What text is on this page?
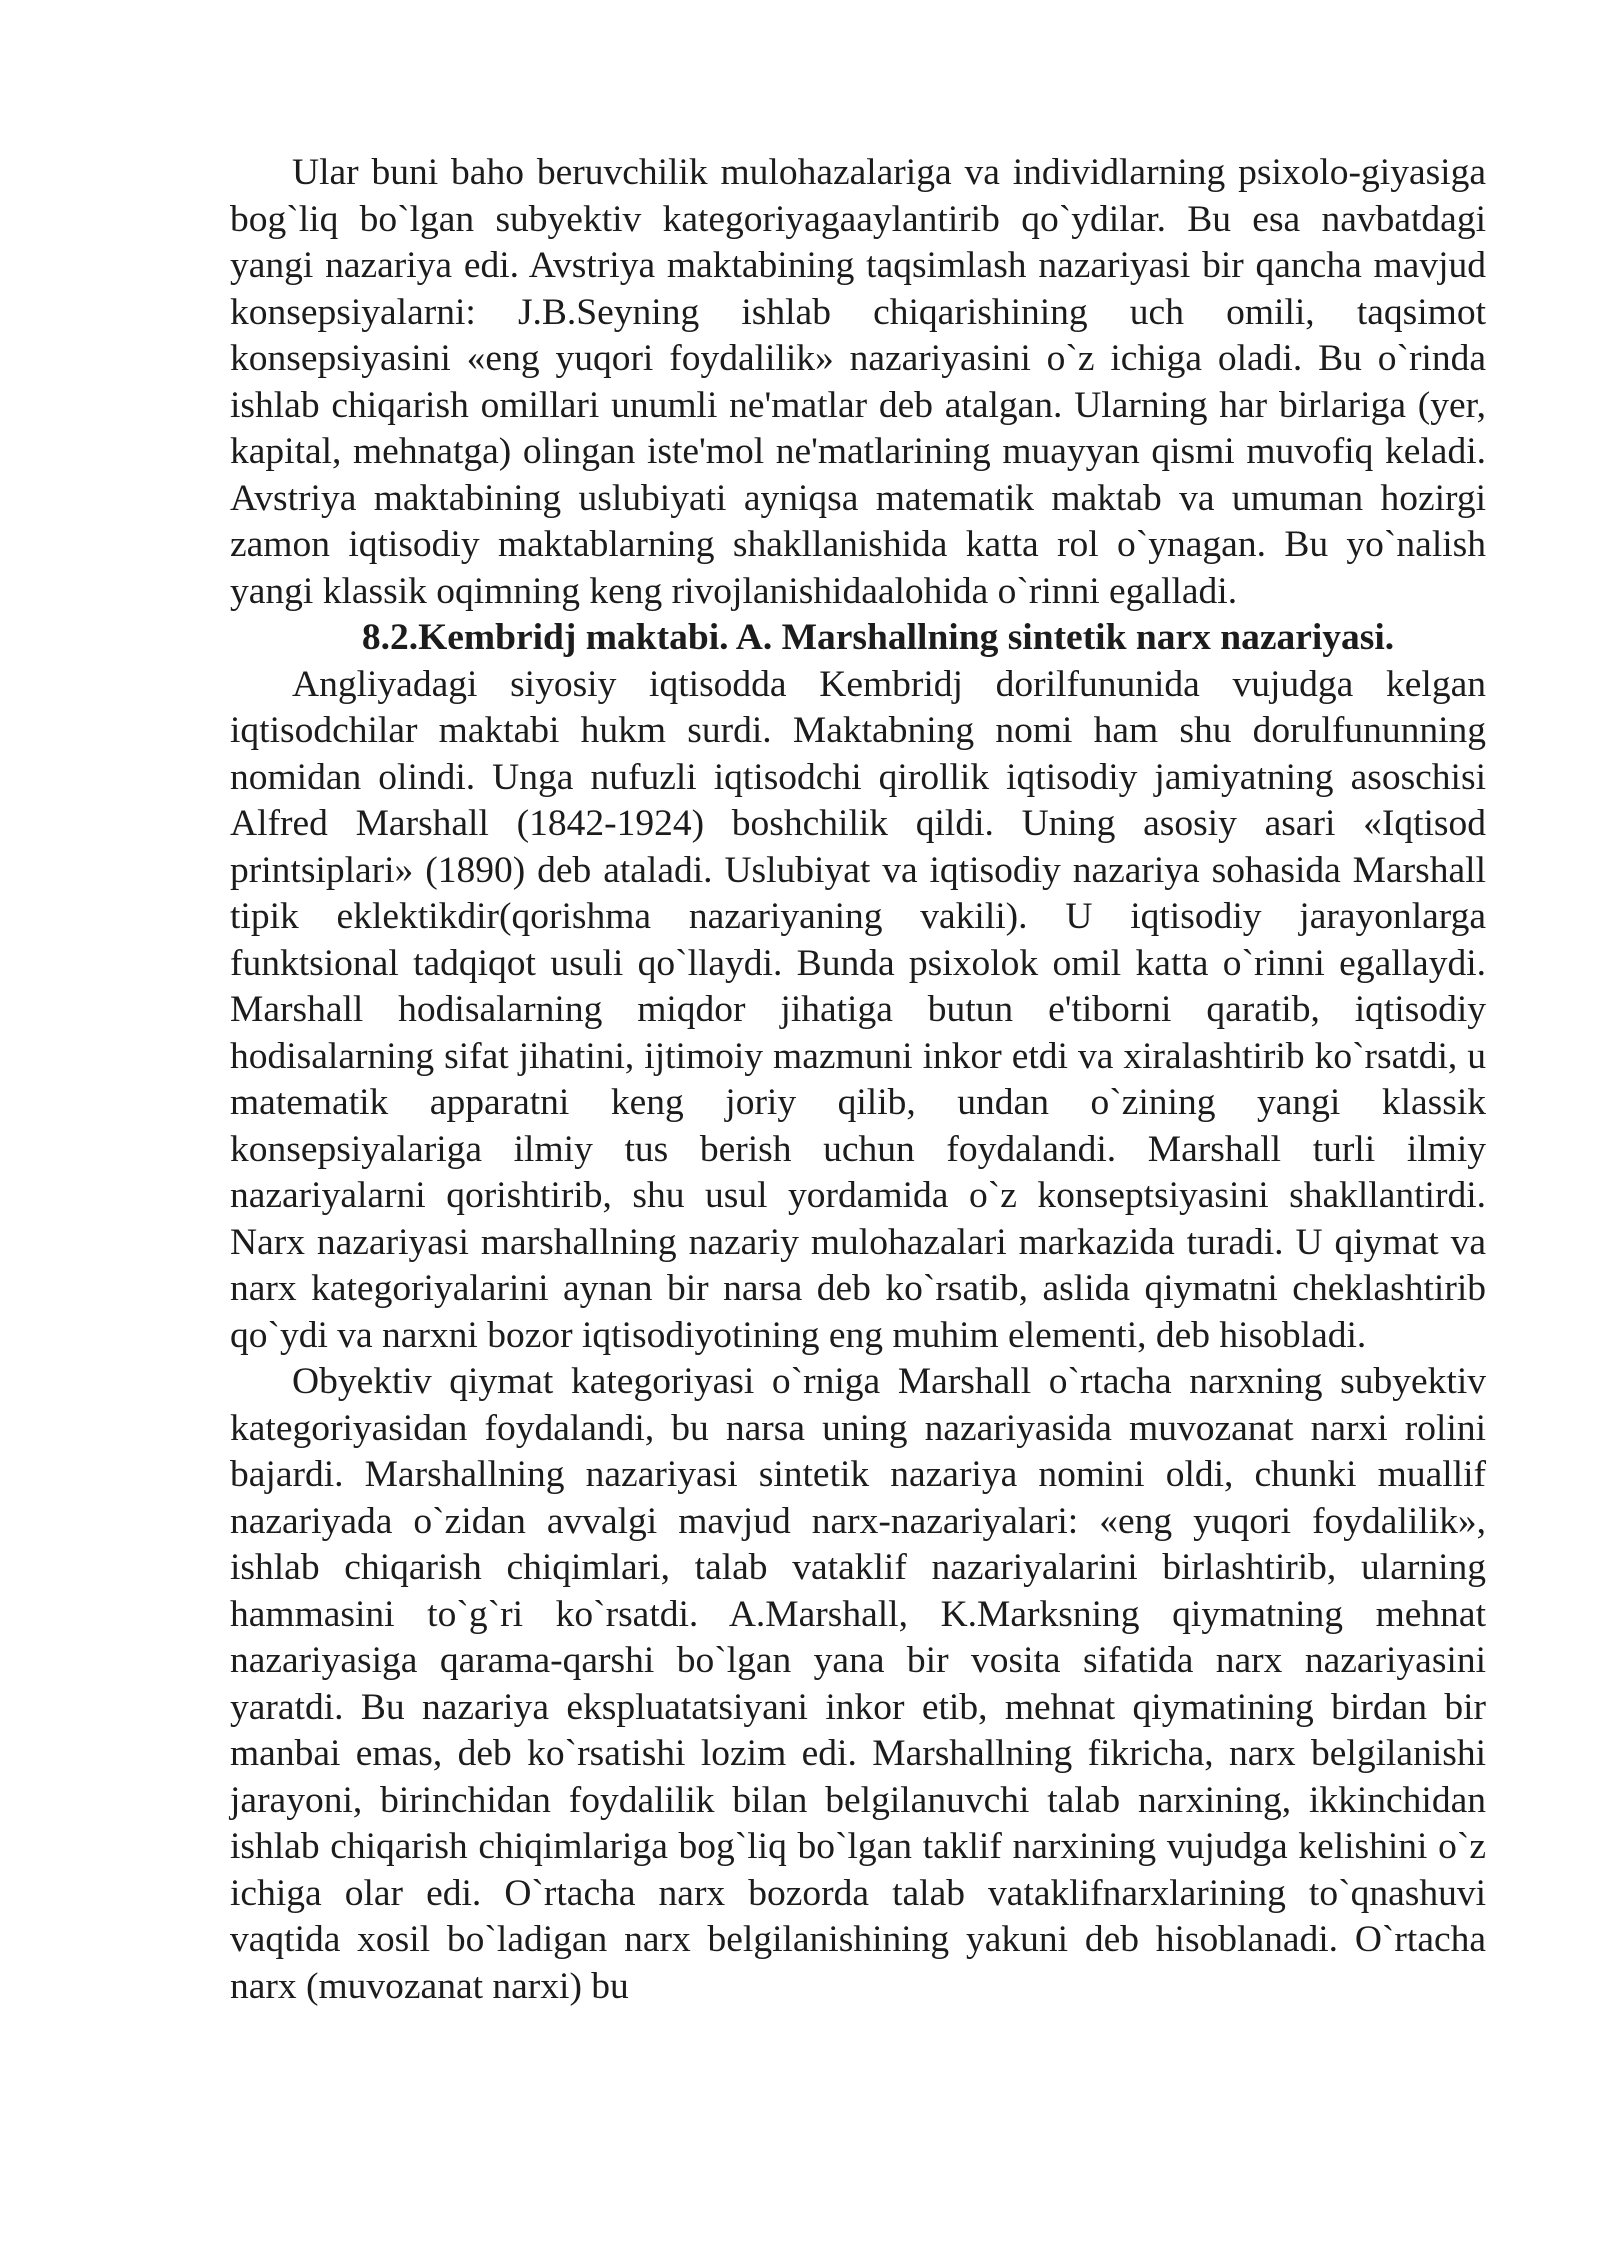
Ular buni baho beruvchilik mulohazalariga va individlarning psixolo-giyasiga bog`liq bo`lgan subyektiv kategoriyagaaylantirib qo`ydilar. Bu esa navbatdagi yangi nazariya edi. Avstriya maktabining taqsimlash nazariyasi bir qancha mavjud konsepsiyalarni: J.B.Seyning ishlab chiqarishining uch omili, taqsimot konsepsiyasini «eng yuqori foydalilik» nazariyasini o`z ichiga oladi. Bu o`rinda ishlab chiqarish omillari unumli ne'matlar deb atalgan. Ularning har birlariga (yer, kapital, mehnatga) olingan iste'mol ne'matlarining muayyan qismi muvofiq keladi. Avstriya maktabining uslubiyati ayniqsa matematik maktab va umuman hozirgi zamon iqtisodiy maktablarning shakllanishida katta rol o`ynagan. Bu yo`nalish yangi klassik oqimning keng rivojlanishidaalohida o`rinni egalladi.

8.2.Kembridj maktabi. A. Marshallning sintetik narx nazariyasi.

Angliyadagi siyosiy iqtisodda Kembridj dorilfununida vujudga kelgan iqtisodchilar maktabi hukm surdi. Maktabning nomi ham shu dorulfununning nomidan olindi. Unga nufuzli iqtisodchi qirollik iqtisodiy jamiyatning asoschisi Alfred Marshall (1842-1924) boshchilik qildi. Uning asosiy asari «Iqtisod printsiplari» (1890) deb ataladi. Uslubiyat va iqtisodiy nazariya sohasida Marshall tipik eklektikdir(qorishma nazariyaning vakili). U iqtisodiy jarayonlarga funktsional tadqiqot usuli qo`llaydi. Bunda psixolok omil katta o`rinni egallaydi. Marshall hodisalarning miqdor jihatiga butun e'tiborni qaratib, iqtisodiy hodisalarning sifat jihatini, ijtimoiy mazmuni inkor etdi va xiralashtirib ko`rsatdi, u matematik apparatni keng joriy qilib, undan o`zining yangi klassik konsepsiyalariga ilmiy tus berish uchun foydalandi. Marshall turli ilmiy nazariyalarni qorishtirib, shu usul yordamida o`z konseptsiyasini shakllantirdi. Narx nazariyasi marshallning nazariy mulohazalari markazida turadi. U qiymat va narx kategoriyalarini aynan bir narsa deb ko`rsatib, aslida qiymatni cheklashtirib qo`ydi va narxni bozor iqtisodiyotining eng muhim elementi, deb hisobladi.

Obyektiv qiymat kategoriyasi o`rniga Marshall o`rtacha narxning subyektiv kategoriyasidan foydalandi, bu narsa uning nazariyasida muvozanat narxi rolini bajardi. Marshallning nazariyasi sintetik nazariya nomini oldi, chunki muallif nazariyada o`zidan avvalgi mavjud narx-nazariyalari: «eng yuqori foydalilik», ishlab chiqarish chiqimlari, talab vataklif nazariyalarini birlashtirib, ularning hammasini to`g`ri ko`rsatdi. A.Marshall, K.Marksning qiymatning mehnat nazariyasiga qarama-qarshi bo`lgan yana bir vosita sifatida narx nazariyasini yaratdi. Bu nazariya ekspluatatsiyani inkor etib, mehnat qiymatining birdan bir manbai emas, deb ko`rsatishi lozim edi. Marshallning fikricha, narx belgilanishi jarayoni, birinchidan foydalilik bilan belgilanuvchi talab narxining, ikkinchidan ishlab chiqarish chiqimlariga bog`liq bo`lgan taklif narxining vujudga kelishini o`z ichiga olar edi. O`rtacha narx bozorda talab vataklifnarxlarining to`qnashuvi vaqtida xosil bo`ladigan narx belgilanishining yakuni deb hisoblanadi. O`rtacha narx (muvozanat narxi) bu
